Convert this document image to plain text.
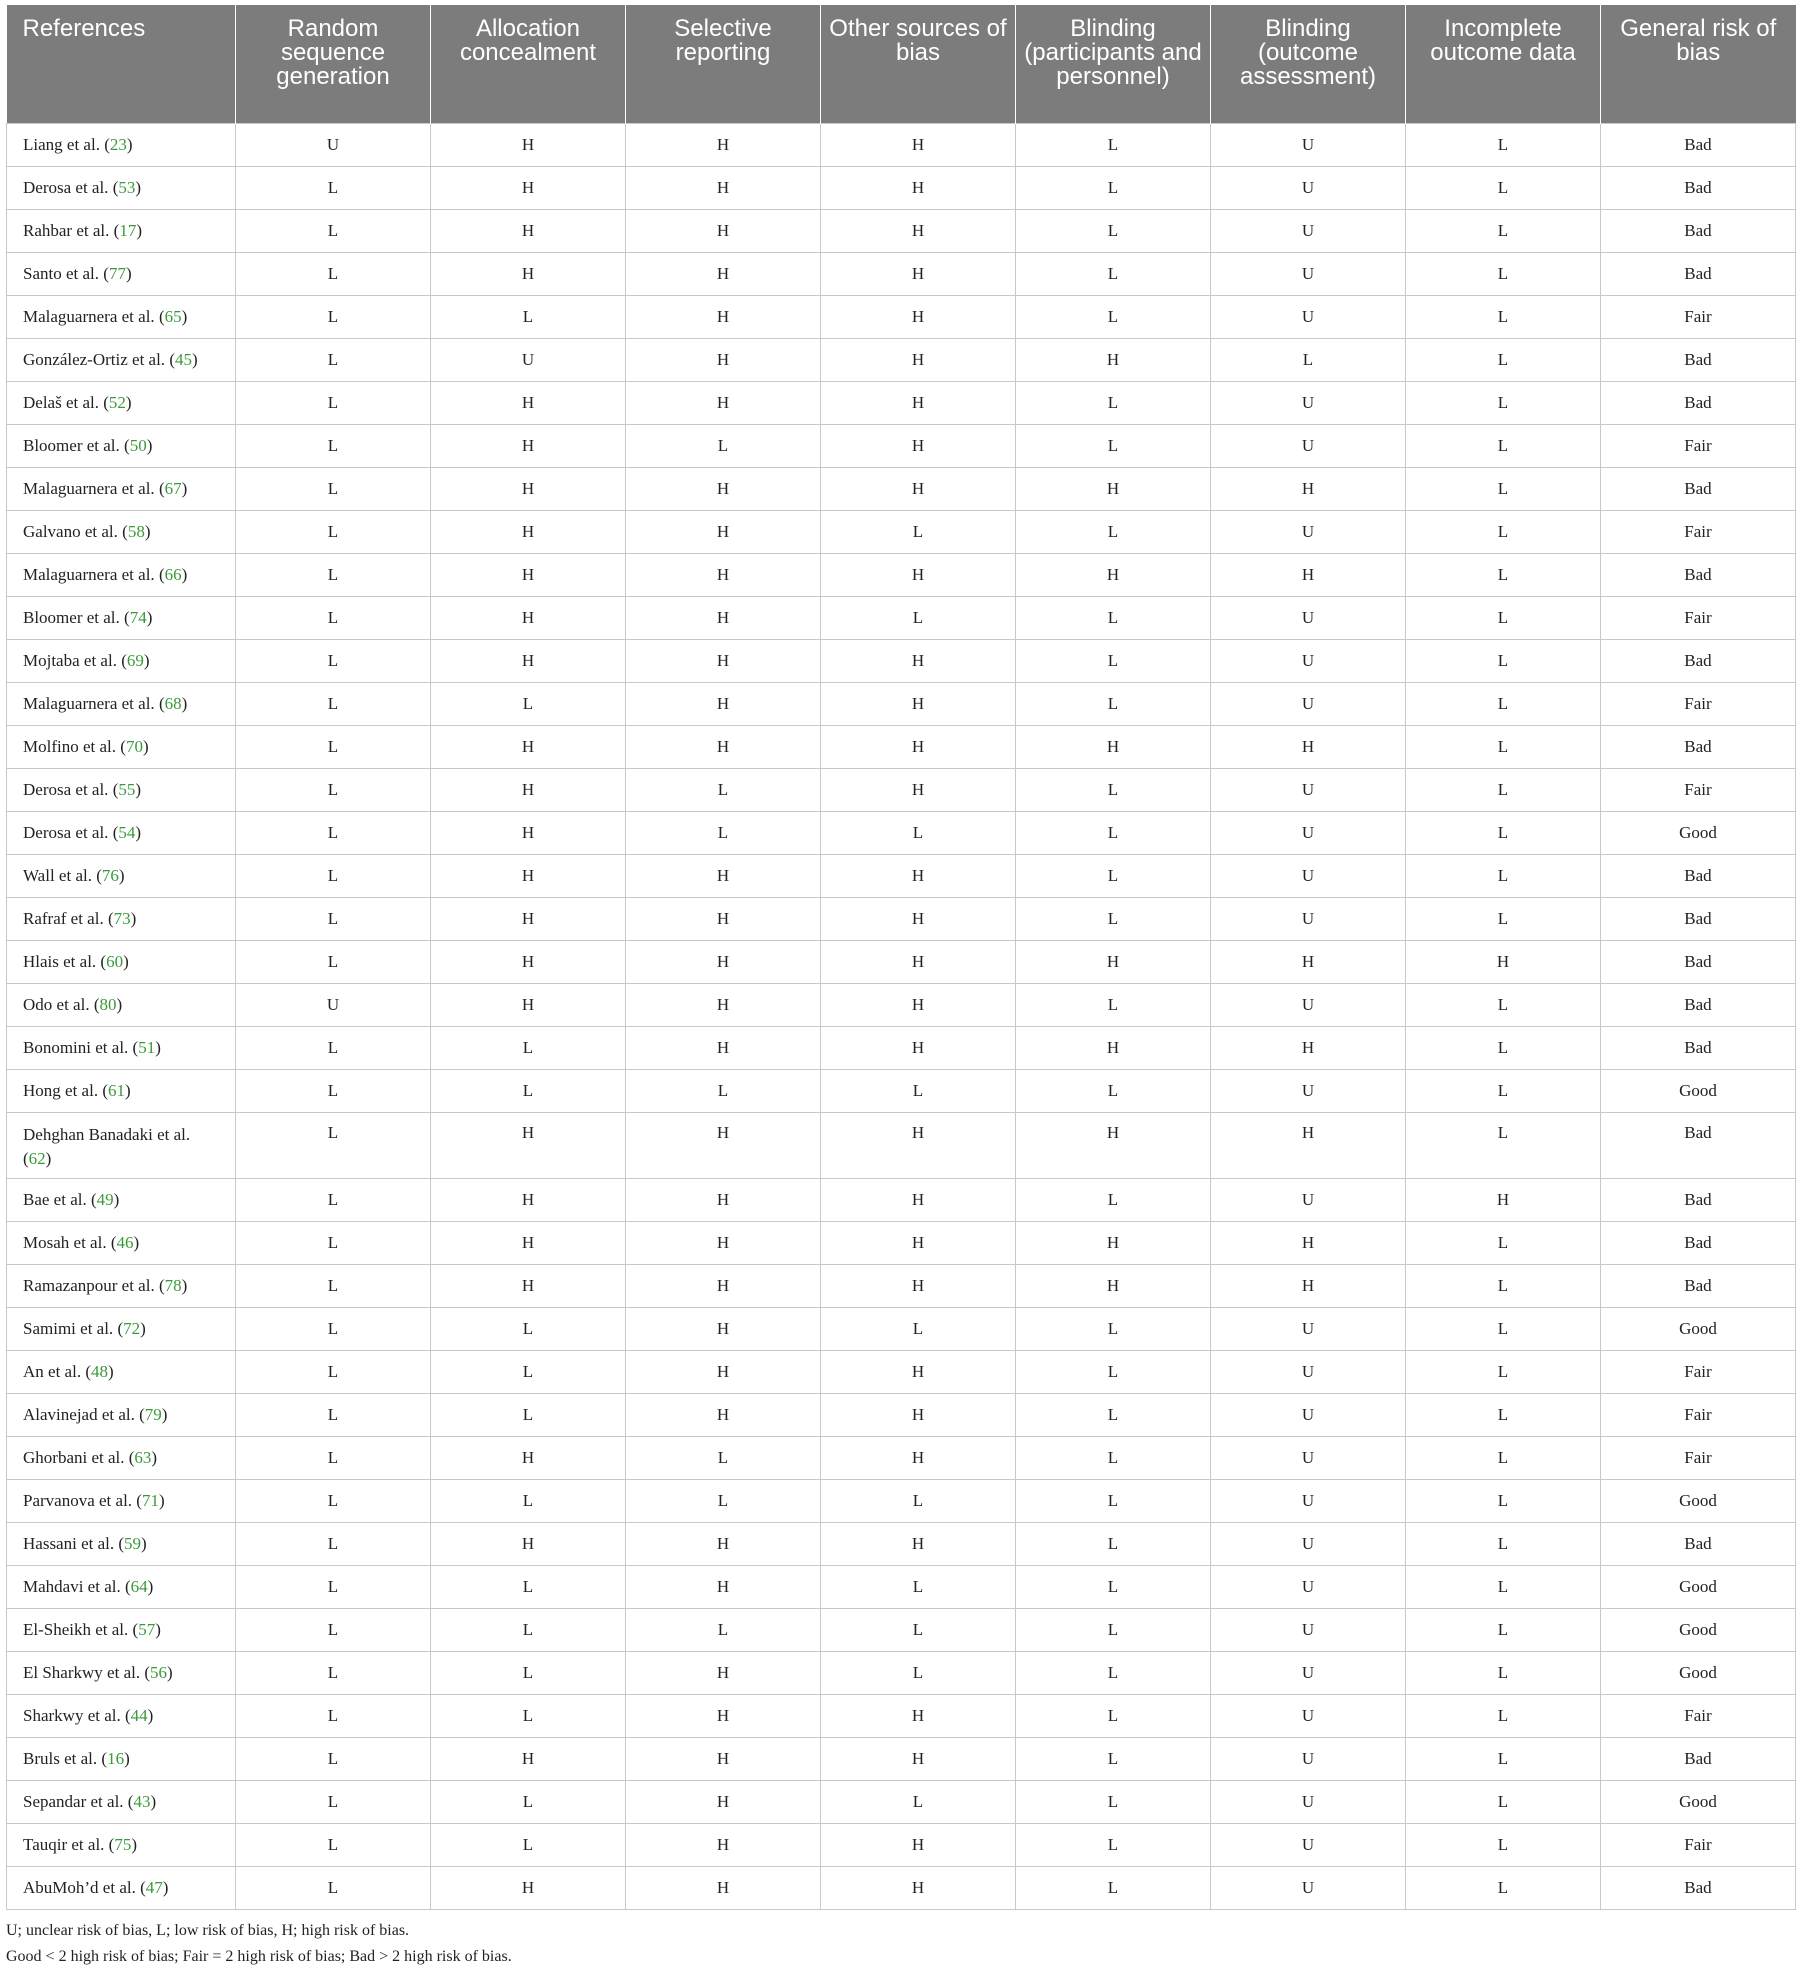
References	Random sequence generation	Allocation concealment	Selective reporting	Other sources of bias	Blinding (participants and personnel)	Blinding (outcome assessment)	Incomplete outcome data	General risk of bias
Liang et al. (23)	U	H	H	H	L	U	L	Bad
Derosa et al. (53)	L	H	H	H	L	U	L	Bad
Rahbar et al. (17)	L	H	H	H	L	U	L	Bad
Santo et al. (77)	L	H	H	H	L	U	L	Bad
Malaguarnera et al. (65)	L	L	H	H	L	U	L	Fair
González-Ortiz et al. (45)	L	U	H	H	H	L	L	Bad
Delaš et al. (52)	L	H	H	H	L	U	L	Bad
Bloomer et al. (50)	L	H	L	H	L	U	L	Fair
Malaguarnera et al. (67)	L	H	H	H	H	H	L	Bad
Galvano et al. (58)	L	H	H	L	L	U	L	Fair
Malaguarnera et al. (66)	L	H	H	H	H	H	L	Bad
Bloomer et al. (74)	L	H	H	L	L	U	L	Fair
Mojtaba et al. (69)	L	H	H	H	L	U	L	Bad
Malaguarnera et al. (68)	L	L	H	H	L	U	L	Fair
Molfino et al. (70)	L	H	H	H	H	H	L	Bad
Derosa et al. (55)	L	H	L	H	L	U	L	Fair
Derosa et al. (54)	L	H	L	L	L	U	L	Good
Wall et al. (76)	L	H	H	H	L	U	L	Bad
Rafraf et al. (73)	L	H	H	H	L	U	L	Bad
Hlais et al. (60)	L	H	H	H	H	H	H	Bad
Odo et al. (80)	U	H	H	H	L	U	L	Bad
Bonomini et al. (51)	L	L	H	H	H	H	L	Bad
Hong et al. (61)	L	L	L	L	L	U	L	Good
Dehghan Banadaki et al.
(62)	L	H	H	H	H	H	L	Bad
Bae et al. (49)	L	H	H	H	L	U	H	Bad
Mosah et al. (46)	L	H	H	H	H	H	L	Bad
Ramazanpour et al. (78)	L	H	H	H	H	H	L	Bad
Samimi et al. (72)	L	L	H	L	L	U	L	Good
An et al. (48)	L	L	H	H	L	U	L	Fair
Alavinejad et al. (79)	L	L	H	H	L	U	L	Fair
Ghorbani et al. (63)	L	H	L	H	L	U	L	Fair
Parvanova et al. (71)	L	L	L	L	L	U	L	Good
Hassani et al. (59)	L	H	H	H	L	U	L	Bad
Mahdavi et al. (64)	L	L	H	L	L	U	L	Good
El-Sheikh et al. (57)	L	L	L	L	L	U	L	Good
El Sharkwy et al. (56)	L	L	H	L	L	U	L	Good
Sharkwy et al. (44)	L	L	H	H	L	U	L	Fair
Bruls et al. (16)	L	H	H	H	L	U	L	Bad
Sepandar et al. (43)	L	L	H	L	L	U	L	Good
Tauqir et al. (75)	L	L	H	H	L	U	L	Fair
AbuMoh’d et al. (47)	L	H	H	H	L	U	L	Bad
U; unclear risk of bias, L; low risk of bias, H; high risk of bias.
Good < 2 high risk of bias; Fair = 2 high risk of bias; Bad > 2 high risk of bias.
